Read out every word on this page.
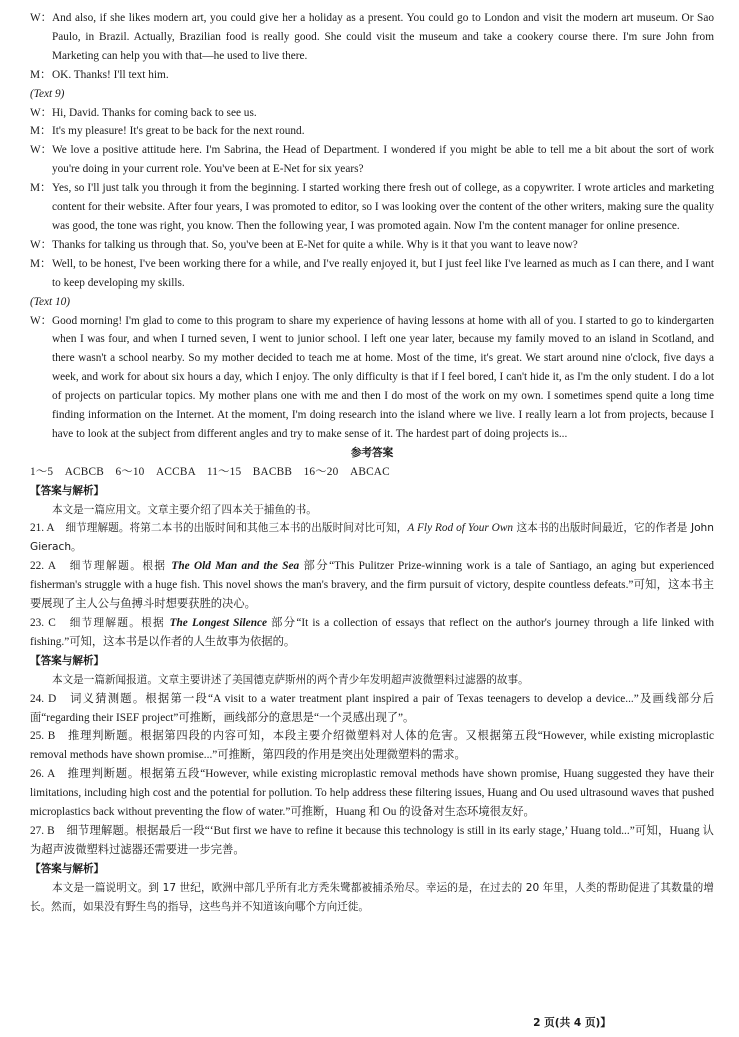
W： And also, if she likes modern art, you could give her a holiday as a present. You could go to London and visit the modern art museum. Or Sao Paulo, in Brazil. Actually, Brazilian food is really good. She could visit the museum and take a cookery course there. I'm sure John from Marketing can help you with that—he used to live there.
M： OK. Thanks! I'll text him.
(Text 9)
W： Hi, David. Thanks for coming back to see us.
M： It's my pleasure! It's great to be back for the next round.
W： We love a positive attitude here. I'm Sabrina, the Head of Department. I wondered if you might be able to tell me a bit about the sort of work you're doing in your current role. You've been at E-Net for six years?
M： Yes, so I'll just talk you through it from the beginning. I started working there fresh out of college, as a copywriter. I wrote articles and marketing content for their website. After four years, I was promoted to editor, so I was looking over the content of the other writers, making sure the quality was good, the tone was right, you know. Then the following year, I was promoted again. Now I'm the content manager for online presence.
W： Thanks for talking us through that. So, you've been at E-Net for quite a while. Why is it that you want to leave now?
M： Well, to be honest, I've been working there for a while, and I've really enjoyed it, but I just feel like I've learned as much as I can there, and I want to keep developing my skills.
(Text 10)
W： Good morning! I'm glad to come to this program to share my experience of having lessons at home with all of you. I started to go to kindergarten when I was four, and when I turned seven, I went to junior school. I left one year later, because my family moved to an island in Scotland, and there wasn't a school nearby. So my mother decided to teach me at home. Most of the time, it's great. We start around nine o'clock, five days a week, and work for about six hours a day, which I enjoy. The only difficulty is that if I feel bored, I can't hide it, as I'm the only student. I do a lot of projects on particular topics. My mother plans one with me and then I do most of the work on my own. I sometimes spend quite a long time finding information on the Internet. At the moment, I'm doing research into the island where we live. I really learn a lot from projects, because I have to look at the subject from different angles and try to make sense of it. The hardest part of doing projects is...
参考答案
1～5　ACBCB　6～10　ACCBA　11～15　BACBB　16～20　ABCAC
【答案与解析】
本文是一篇应用文。文章主要介绍了四本关于捕鱼的书。
21. A　 细节理解题。将第二本书的出版时间和其他三本书的出版时间对比可知，A Fly Rod of Your Own 这本书的出版时间最近，它的作者是 John Gierach。
22. A　 细节理解题。根据 The Old Man and the Sea 部分“This Pulitzer Prize-winning work is a tale of Santiago, an aging but experienced fisherman's struggle with a huge fish. This novel shows the man's bravery, and the firm pursuit of victory, despite countless defeats.”可知，这本书主要展现了主人公与鱼搏斗时想要获胜的决心。
23. C　 细节理解题。根据 The Longest Silence 部分“It is a collection of essays that reflect on the author's journey through a life linked with fishing.”可知，这本书是以作者的人生故事为依据的。
【答案与解析】
本文是一篇新闻报道。文章主要讲述了美国德克萨斯州的两个青少年发明超声波微塑料过滤器的故事。
24. D　 词义猜测题。根据第一段“A visit to a water treatment plant inspired a pair of Texas teenagers to develop a device...”及画线部分后面“regarding their ISEF project”可推断，画线部分的意思是“一个灵感出现了”。
25. B　 推理判断题。根据第四段的内容可知，本段主要介绍微塑料对人体的危害。又根据第五段“However, while existing microplastic removal methods have shown promise...”可推断，第四段的作用是突出处理微塑料的需求。
26. A　 推理判断题。根据第五段“However, while existing microplastic removal methods have shown promise, Huang suggested they have their limitations, including high cost and the potential for pollution. To help address these filtering issues, Huang and Ou used ultrasound waves that pushed microplastics back without preventing the flow of water.”可推断，Huang 和 Ou 的设备对生态环境很友好。
27. B　 细节理解题。根据最后一段“‘But first we have to refine it because this technology is still in its early stage,’ Huang told...”可知，Huang 认为超声波微塑料过滤器还需要进一步完善。
【答案与解析】
本文是一篇说明文。到 17 世纪，欧洲中部几乎所有北方秃朱鹭都被捕杀殆尽。幸运的是，在过去的 20 年里，人类的帮助促进了其数量的增长。然而，如果没有野生鸟的指导，这些鸟并不知道该向哪个方向迁徙。
2 页(共 4 页)】
